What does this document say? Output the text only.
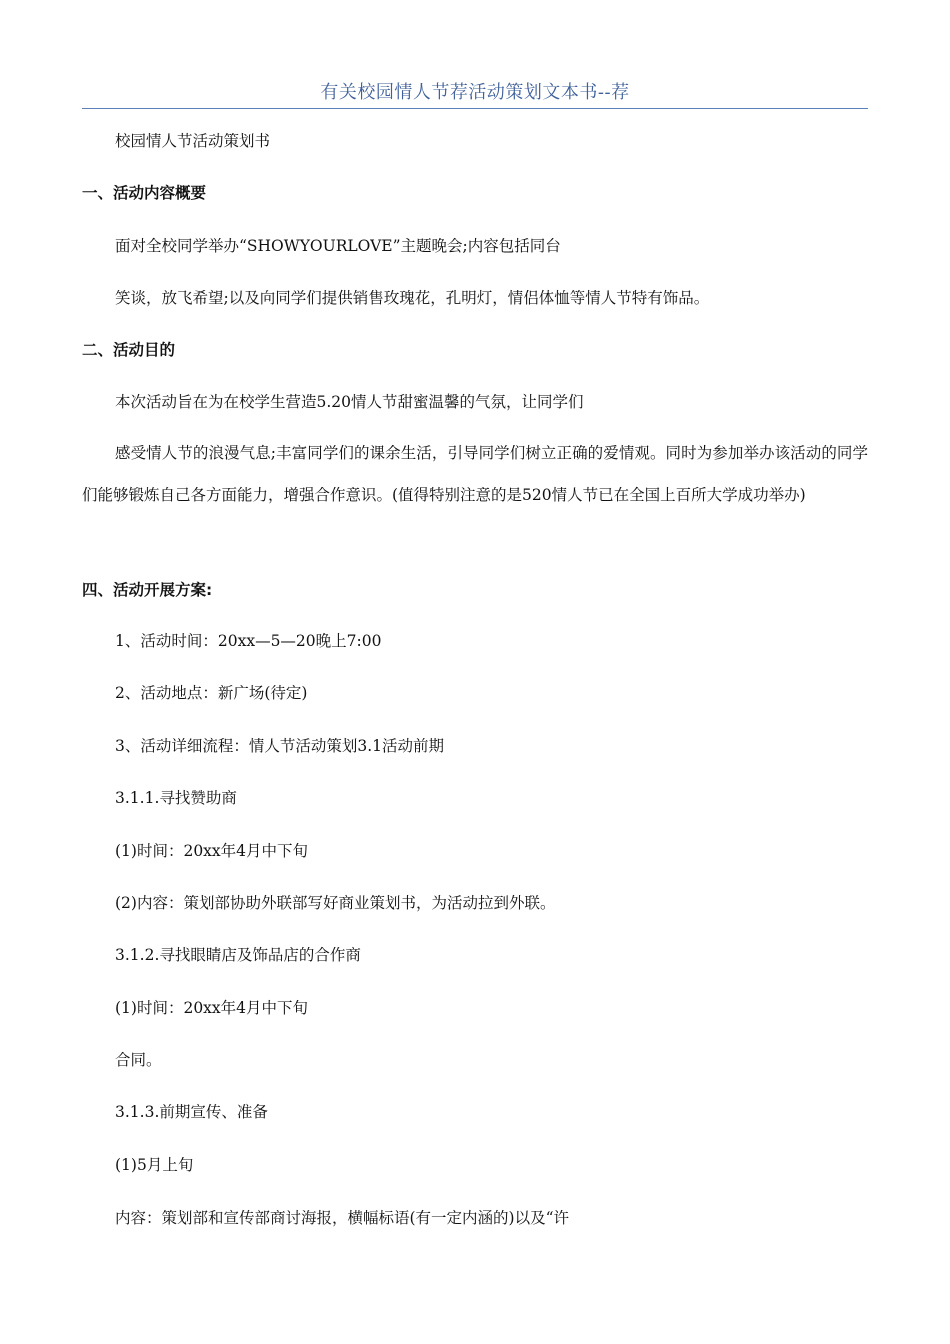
有关校园情人节荐活动策划文本书--荐
校园情人节活动策划书
一、活动内容概要
面对全校同学举办“SHOWYOURLOVE”主题晚会;内容包括同台
笑谈，放飞希望;以及向同学们提供销售玫瑰花，孔明灯，情侣体恤等情人节特有饰品。
二、活动目的
本次活动旨在为在校学生营造5.20情人节甜蜜温馨的气氛，让同学们
感受情人节的浪漫气息;丰富同学们的课余生活，引导同学们树立正确的爱情观。同时为参加举办该活动的同学们能够锻炼自己各方面能力，增强合作意识。(值得特别注意的是520情人节已在全国上百所大学成功举办)
四、活动开展方案:
1、活动时间：20xx—5—20晚上7:00
2、活动地点：新广场(待定)
3、活动详细流程：情人节活动策划3.1活动前期
3.1.1.寻找赞助商
(1)时间：20xx年4月中下旬
(2)内容：策划部协助外联部写好商业策划书，为活动拉到外联。
3.1.2.寻找眼睛店及饰品店的合作商
(1)时间：20xx年4月中下旬
合同。
3.1.3.前期宣传、准备
(1)5月上旬
内容：策划部和宣传部商讨海报，横幅标语(有一定内涵的)以及“许
